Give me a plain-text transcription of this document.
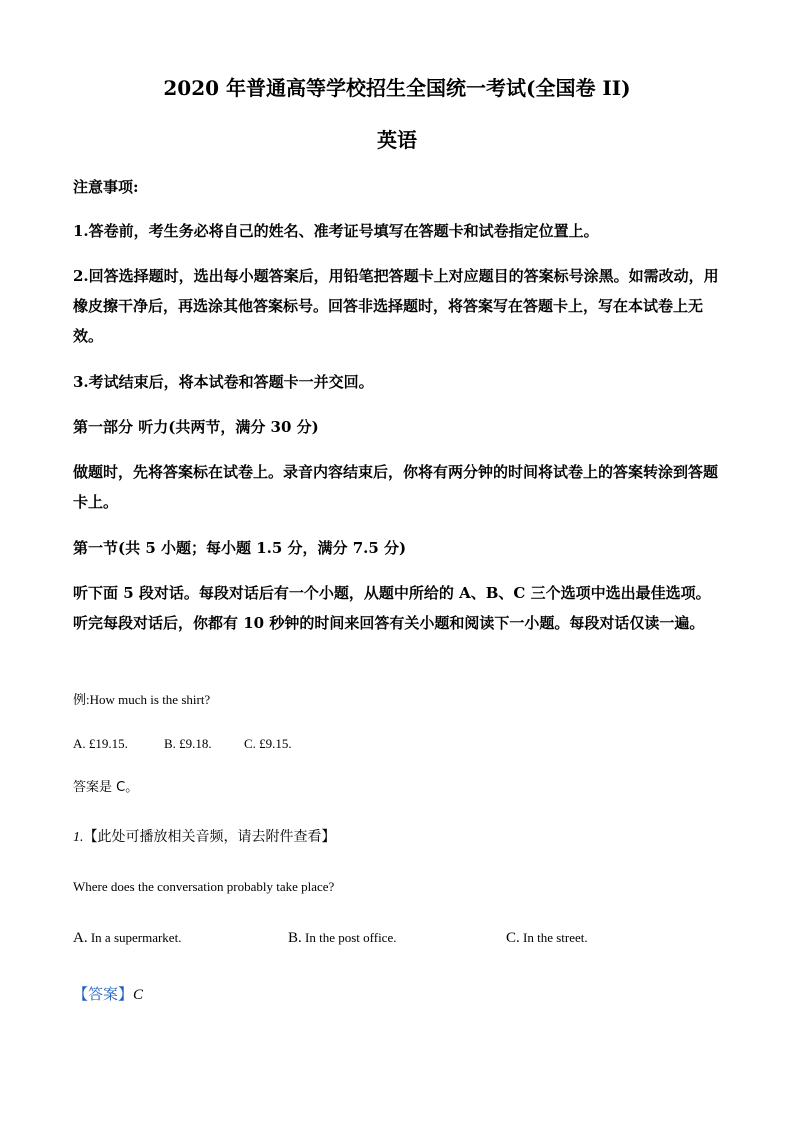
2020 年普通高等学校招生全国统一考试(全国卷 II)
英语
注意事项:
1.答卷前，考生务必将自己的姓名、准考证号填写在答题卡和试卷指定位置上。
2.回答选择题时，选出每小题答案后，用铅笔把答题卡上对应题目的答案标号涂黑。如需改动，用橡皮擦干净后，再选涂其他答案标号。回答非选择题时，将答案写在答题卡上，写在本试卷上无效。
3.考试结束后，将本试卷和答题卡一并交回。
第一部分 听力(共两节，满分 30 分)
做题时，先将答案标在试卷上。录音内容结束后，你将有两分钟的时间将试卷上的答案转涂到答题卡上。
第一节(共 5 小题；每小题 1.5 分，满分 7.5 分)
听下面 5 段对话。每段对话后有一个小题，从题中所给的 A、B、C 三个选项中选出最佳选项。听完每段对话后，你都有 10 秒钟的时间来回答有关小题和阅读下一小题。每段对话仅读一遍。
例:How much is the shirt?
A. £19.15.	B. £9.18. C. £9.15.
答案是 C。
1.【此处可播放相关音频，请去附件查看】
Where does the conversation probably take place?
A. In a supermarket.	B. In the post office.	C. In the street.
【答案】C
